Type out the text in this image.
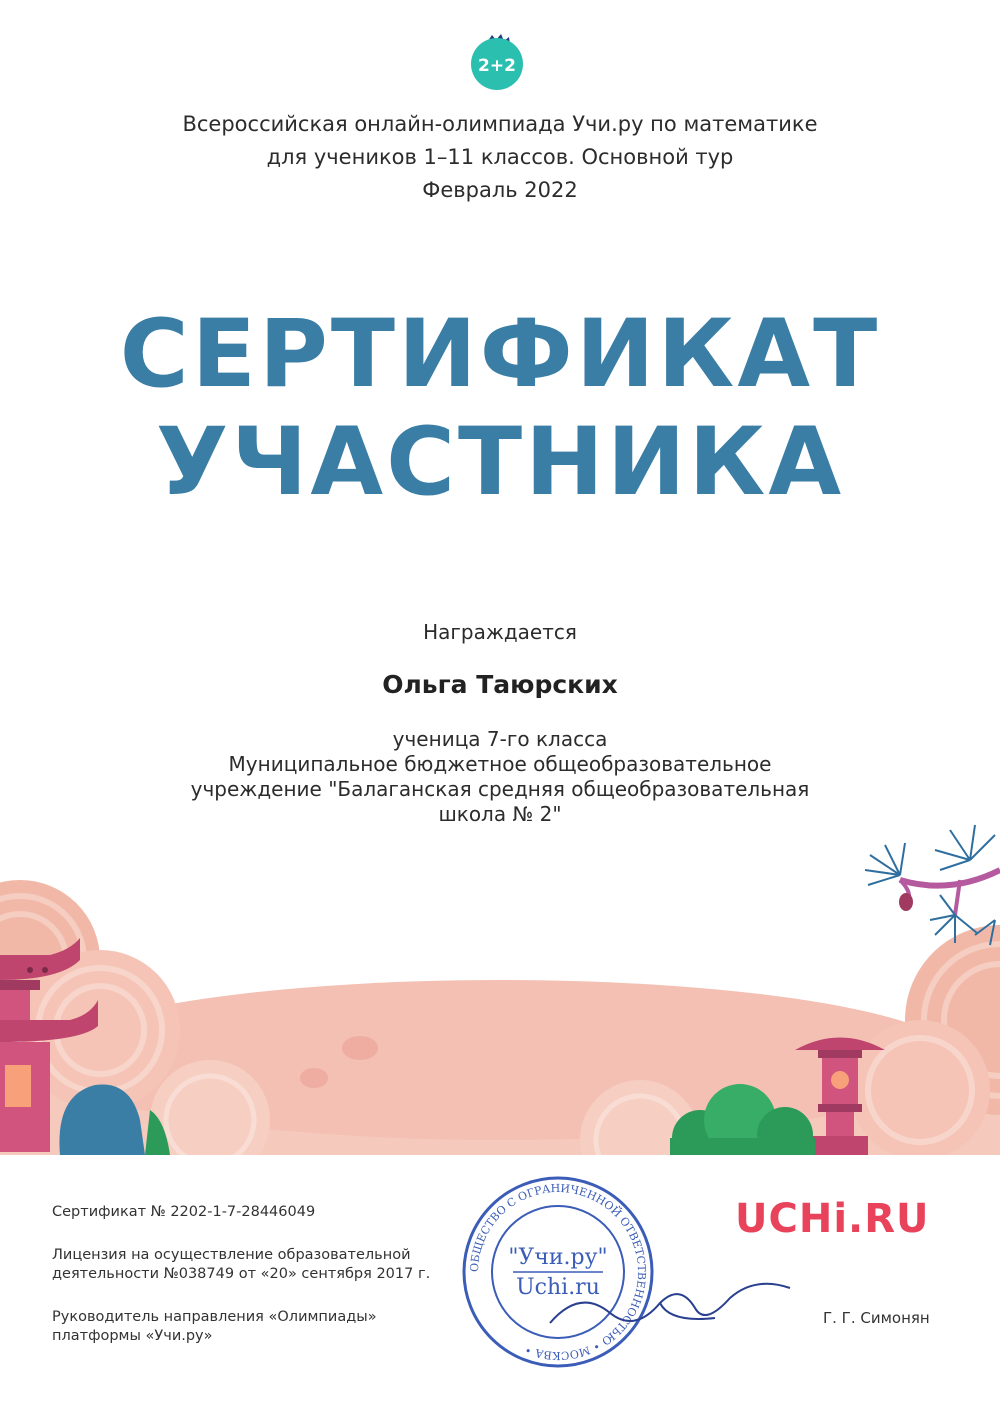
2+2
Всероссийская онлайн-олимпиада Учи.ру по математике
для учеников 1–11 классов. Основной тур
Февраль 2022
СЕРТИФИКАТ
УЧАСТНИКА
Награждается
Ольга Таюрских
ученица 7-го класса
Муниципальное бюджетное общеобразовательное
учреждение "Балаганская средняя общеобразовательная
школа № 2"
Сертификат № 2202-1-7-28446049
Лицензия на осуществление образовательной
деятельности №038749 от «20» сентября 2017 г.
Руководитель направления «Олимпиады»
платформы «Учи.ру»
ОБЩЕСТВО С ОГРАНИЧЕННОЙ ОТВЕТСТВЕННОСТЬЮ • МОСКВА •
"Учи.ру"
Uchi.ru
UCHi.RU
Г. Г. Симонян
